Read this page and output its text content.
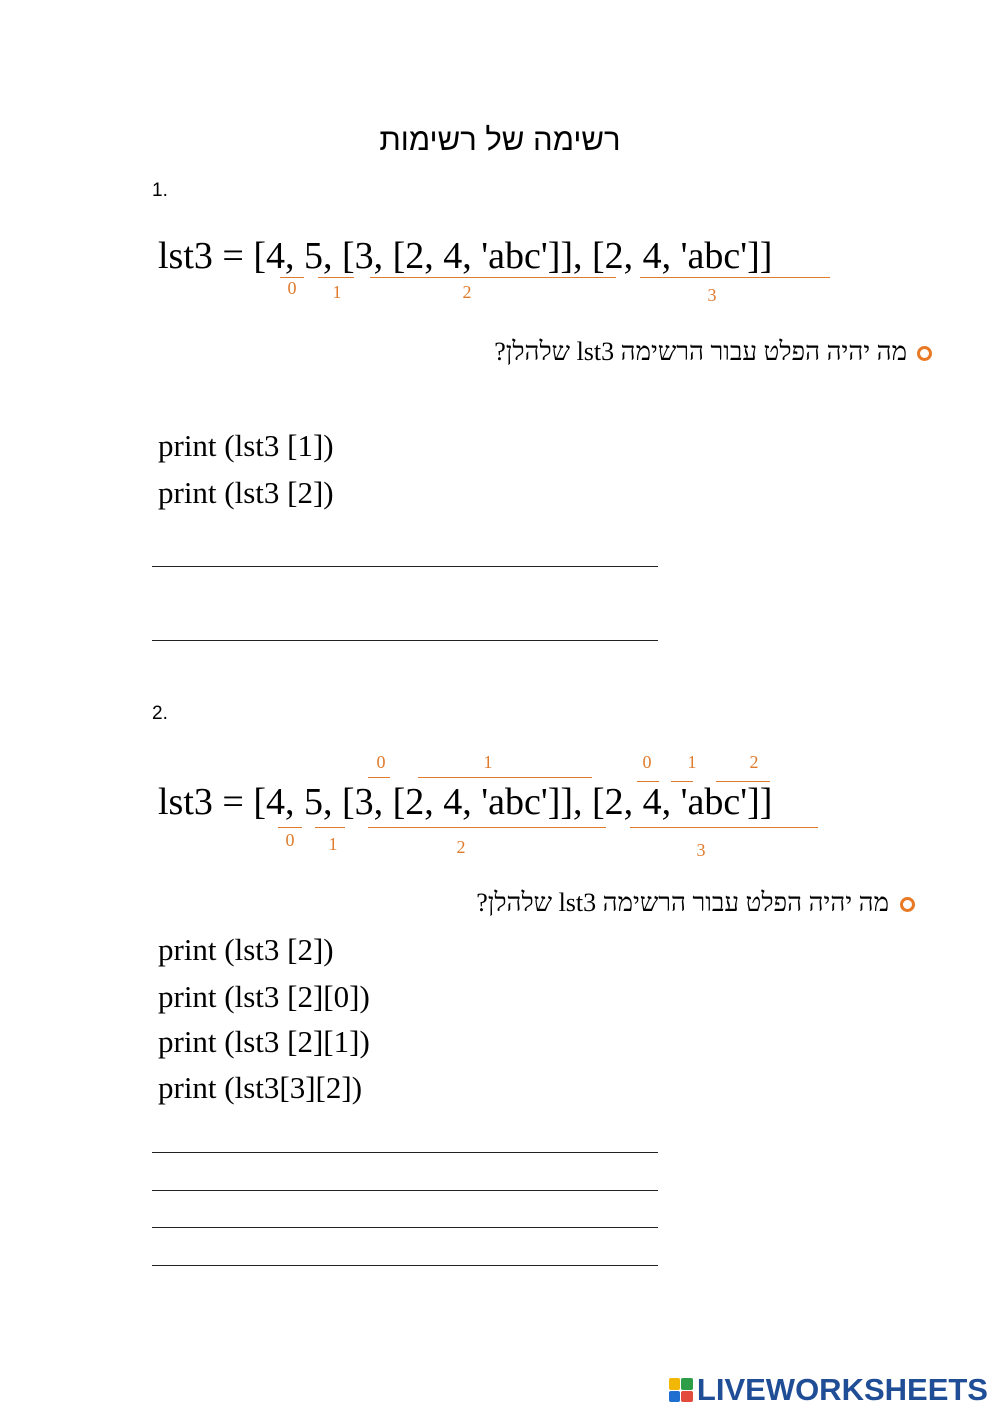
רשימה של רשימות
1.
lst3 = [4, 5, [3, [2, 4, 'abc']], [2, 4, 'abc']]
0	1	2	3
מה יהיה הפלט עבור הרשימה lst3 שלהלן?
print (lst3 [1])
print (lst3 [2])
2.
0	1	0	1	2
lst3 = [4, 5, [3, [2, 4, 'abc']], [2, 4, 'abc']]
0	1	2	3
מה יהיה הפלט עבור הרשימה lst3 שלהלן?
print (lst3 [2])
print (lst3 [2][0])
print (lst3 [2][1])
print (lst3[3][2])
LIVEWORKSHEETS
